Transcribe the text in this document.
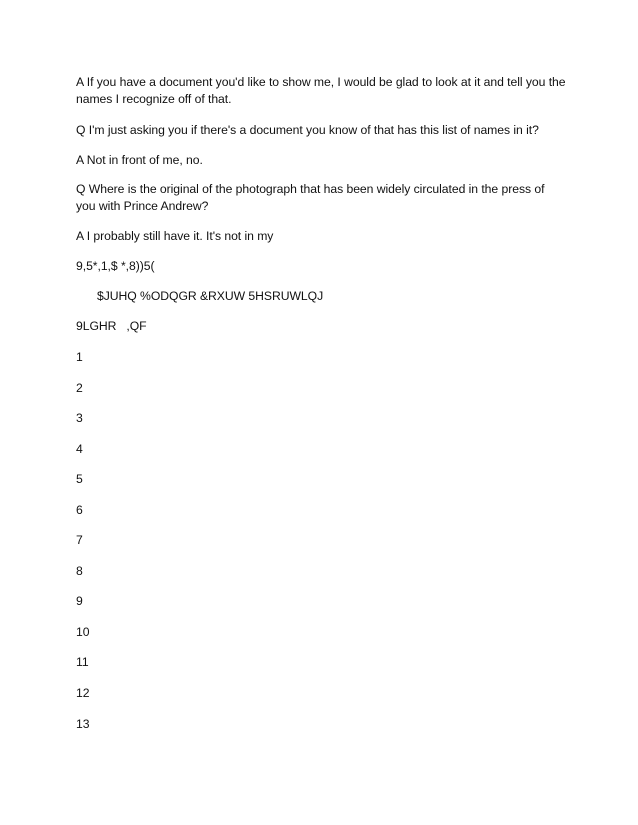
A If you have a document you'd like to show me, I would be glad to look at it and tell you the names I recognize off of that.

Q I'm just asking you if there's a document you know of that has this list of names in it?

A Not in front of me, no.

Q Where is the original of the photograph that has been widely circulated in the press of you with Prince Andrew?

A I probably still have it. It's not in my

9,5*,1,$ *,8))5(

$JUHQ %ODQGR &RXUW 5HSRUWLQJ

9LGHR   ,QF

1

2

3

4

5

6

7

8

9

10

11

12

13
